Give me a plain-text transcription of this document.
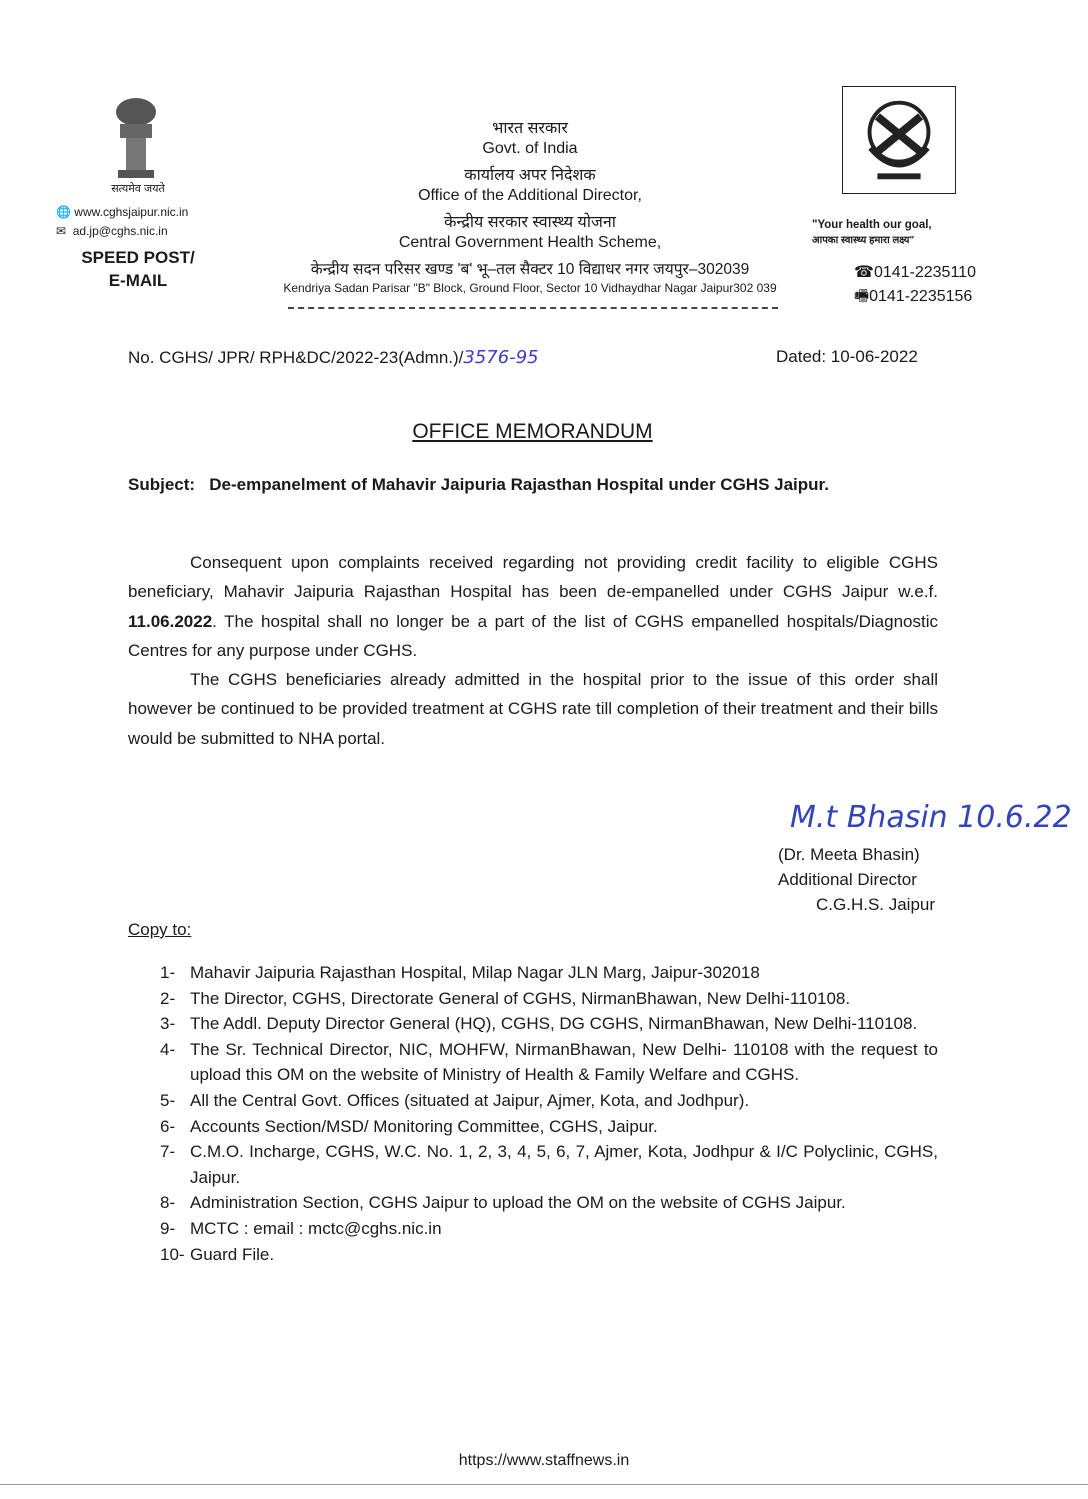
सत्यमेव जयते
🌐 www.cghsjaipur.nic.in
✉  ad.jp@cghs.nic.in
SPEED POST/
E-MAIL
भारत सरकार
Govt. of India
कार्यालय अपर निदेशक
Office of the Additional Director,
केन्द्रीय सरकार स्वास्थ्य योजना
Central Government Health Scheme,
केन्द्रीय सदन परिसर खण्ड 'ब' भू–तल सैक्टर 10 विद्याधर नगर जयपुर–302039
Kendriya Sadan Parisar "B" Block, Ground Floor, Sector 10 Vidhaydhar Nagar Jaipur302 039
"Your health our goal,
आपका स्वास्थ्य हमारा लक्ष्य"
☎0141-2235110
🖷0141-2235156
No. CGHS/ JPR/ RPH&DC/2022-23(Admn.)/3576-95	Dated: 10-06-2022
OFFICE MEMORANDUM
Subject:   De-empanelment of Mahavir Jaipuria Rajasthan Hospital under CGHS Jaipur.

Consequent upon complaints received regarding not providing credit facility to eligible CGHS beneficiary, Mahavir Jaipuria Rajasthan Hospital has been de-empanelled under CGHS Jaipur w.e.f. 11.06.2022. The hospital shall no longer be a part of the list of CGHS empanelled hospitals/Diagnostic Centres for any purpose under CGHS.

The CGHS beneficiaries already admitted in the hospital prior to the issue of this order shall however be continued to be provided treatment at CGHS rate till completion of their treatment and their bills would be submitted to NHA portal.

M.t Bhasin 10.6.22
(Dr. Meeta Bhasin)
Additional Director
C.G.H.S. Jaipur
Copy to:
1- Mahavir Jaipuria Rajasthan Hospital, Milap Nagar JLN Marg, Jaipur-302018
2- The Director, CGHS, Directorate General of CGHS, NirmanBhawan, New Delhi-110108.
3- The Addl. Deputy Director General (HQ), CGHS, DG CGHS, NirmanBhawan, New Delhi-110108.
4- The Sr. Technical Director, NIC, MOHFW, NirmanBhawan, New Delhi- 110108 with the request to upload this OM on the website of Ministry of Health & Family Welfare and CGHS.
5- All the Central Govt. Offices (situated at Jaipur, Ajmer, Kota, and Jodhpur).
6- Accounts Section/MSD/ Monitoring Committee, CGHS, Jaipur.
7- C.M.O. Incharge, CGHS, W.C. No. 1, 2, 3, 4, 5, 6, 7, Ajmer, Kota, Jodhpur & I/C Polyclinic, CGHS, Jaipur.
8- Administration Section, CGHS Jaipur to upload the OM on the website of CGHS Jaipur.
9- MCTC : email : mctc@cghs.nic.in
10- Guard File.
https://www.staffnews.in
